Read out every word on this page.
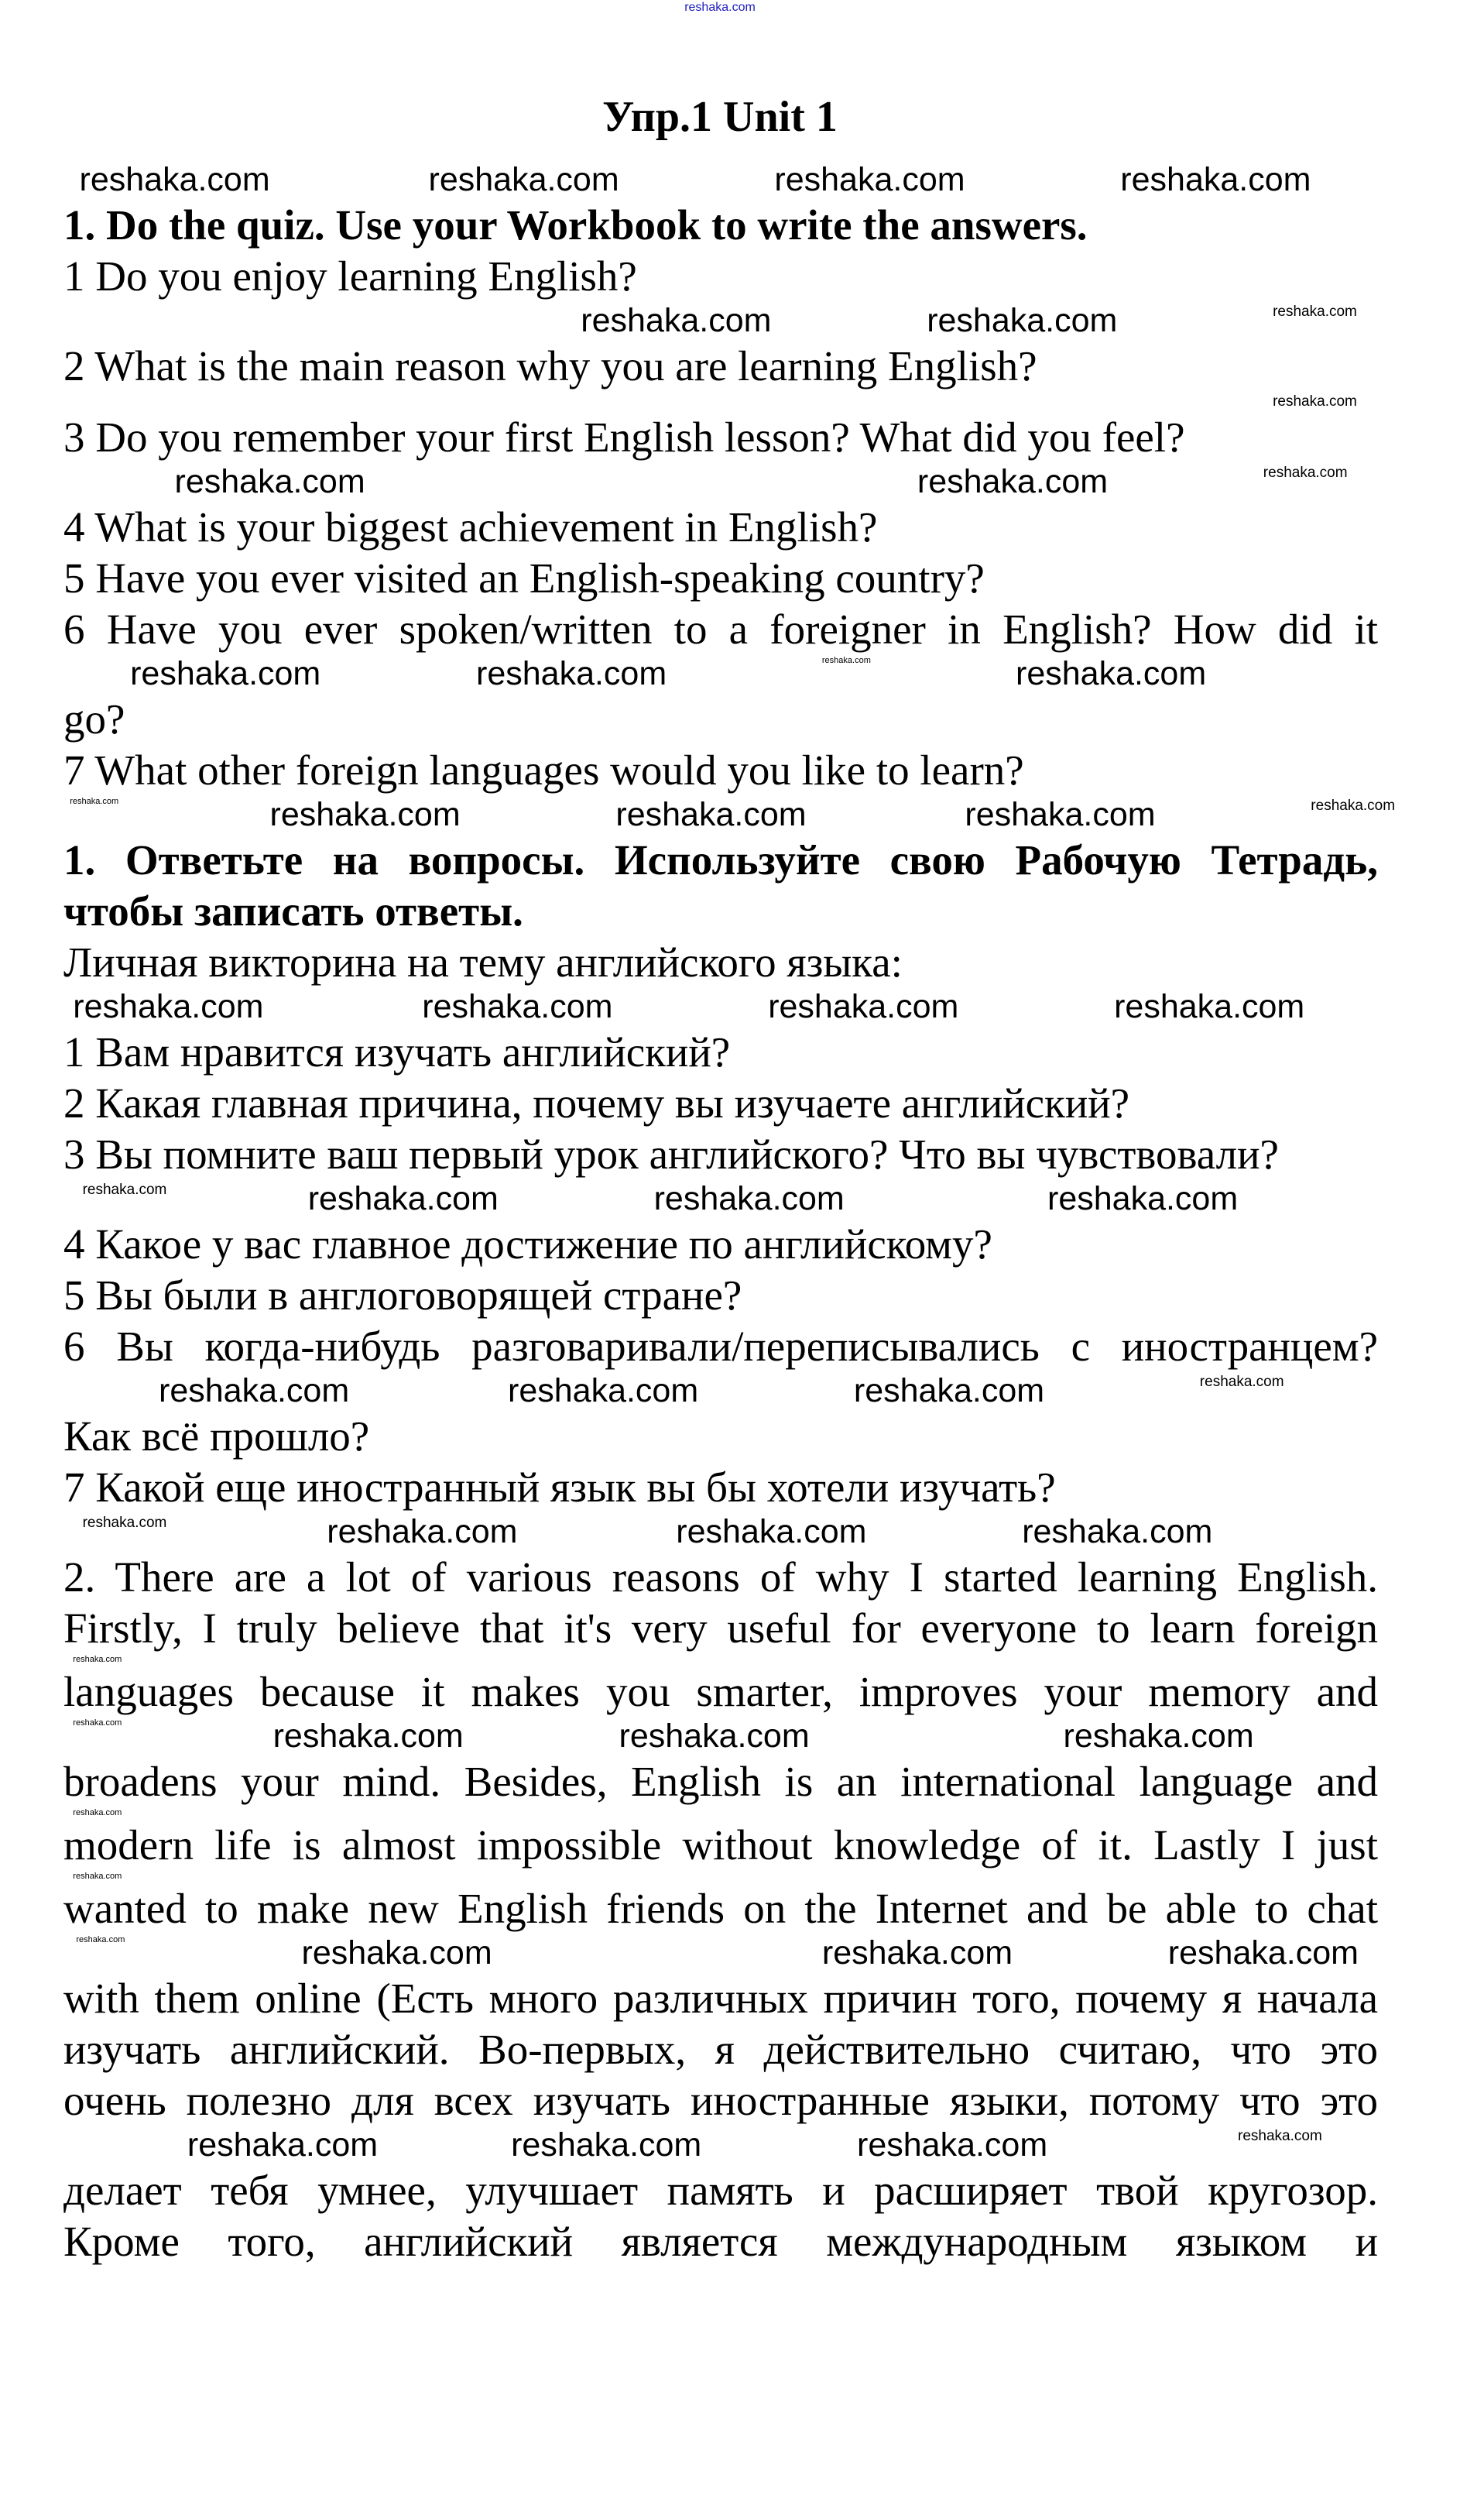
reshaka.com
Упр.1 Unit 1
reshaka.com	reshaka.com	reshaka.com	reshaka.com
1. Do the quiz. Use your Workbook to write the answers.
1 Do you enjoy learning English?
reshaka.com	reshaka.com	reshaka.com
2 What is the main reason why you are learning English?
reshaka.com
3 Do you remember your first English lesson? What did you feel?
reshaka.com	reshaka.com	reshaka.com
4 What is your biggest achievement in English?
5 Have you ever visited an English-speaking country?
6 Have you ever spoken/written to a foreigner in English? How did it
reshaka.com	reshaka.com	reshaka.com	reshaka.com
go?
7 What other foreign languages would you like to learn?
reshaka.com	reshaka.com	reshaka.com	reshaka.com	reshaka.com
1. Ответьте на вопросы. Используйте свою Рабочую Тетрадь,
чтобы записать ответы.
Личная викторина на тему английского языка:
reshaka.com	reshaka.com	reshaka.com	reshaka.com
1 Вам нравится изучать английский?
2 Какая главная причина, почему вы изучаете английский?
3 Вы помните ваш первый урок английского? Что вы чувствовали?
reshaka.com	reshaka.com	reshaka.com	reshaka.com
4 Какое у вас главное достижение по английскому?
5 Вы были в англоговорящей стране?
6 Вы когда-нибудь разговаривали/переписывались с иностранцем?
reshaka.com	reshaka.com	reshaka.com	reshaka.com
Как всё прошло?
7 Какой еще иностранный язык вы бы хотели изучать?
reshaka.com	reshaka.com	reshaka.com	reshaka.com
2. There are a lot of various reasons of why I started learning English.
Firstly, I truly believe that it's very useful for everyone to learn foreign
reshaka.com
languages because it makes you smarter, improves your memory and
reshaka.com	reshaka.com	reshaka.com	reshaka.com
broadens your mind. Besides, English is an international language and
reshaka.com
modern life is almost impossible without knowledge of it. Lastly I just
reshaka.com
wanted to make new English friends on the Internet and be able to chat
reshaka.com	reshaka.com	reshaka.com	reshaka.com
with them online (Есть много различных причин того, почему я начала
изучать английский. Во-первых, я действительно считаю, что это
очень полезно для всех изучать иностранные языки, потому что это
reshaka.com	reshaka.com	reshaka.com	reshaka.com
делает тебя умнее, улучшает память и расширяет твой кругозор.
Кроме того, английский является международным языком и
